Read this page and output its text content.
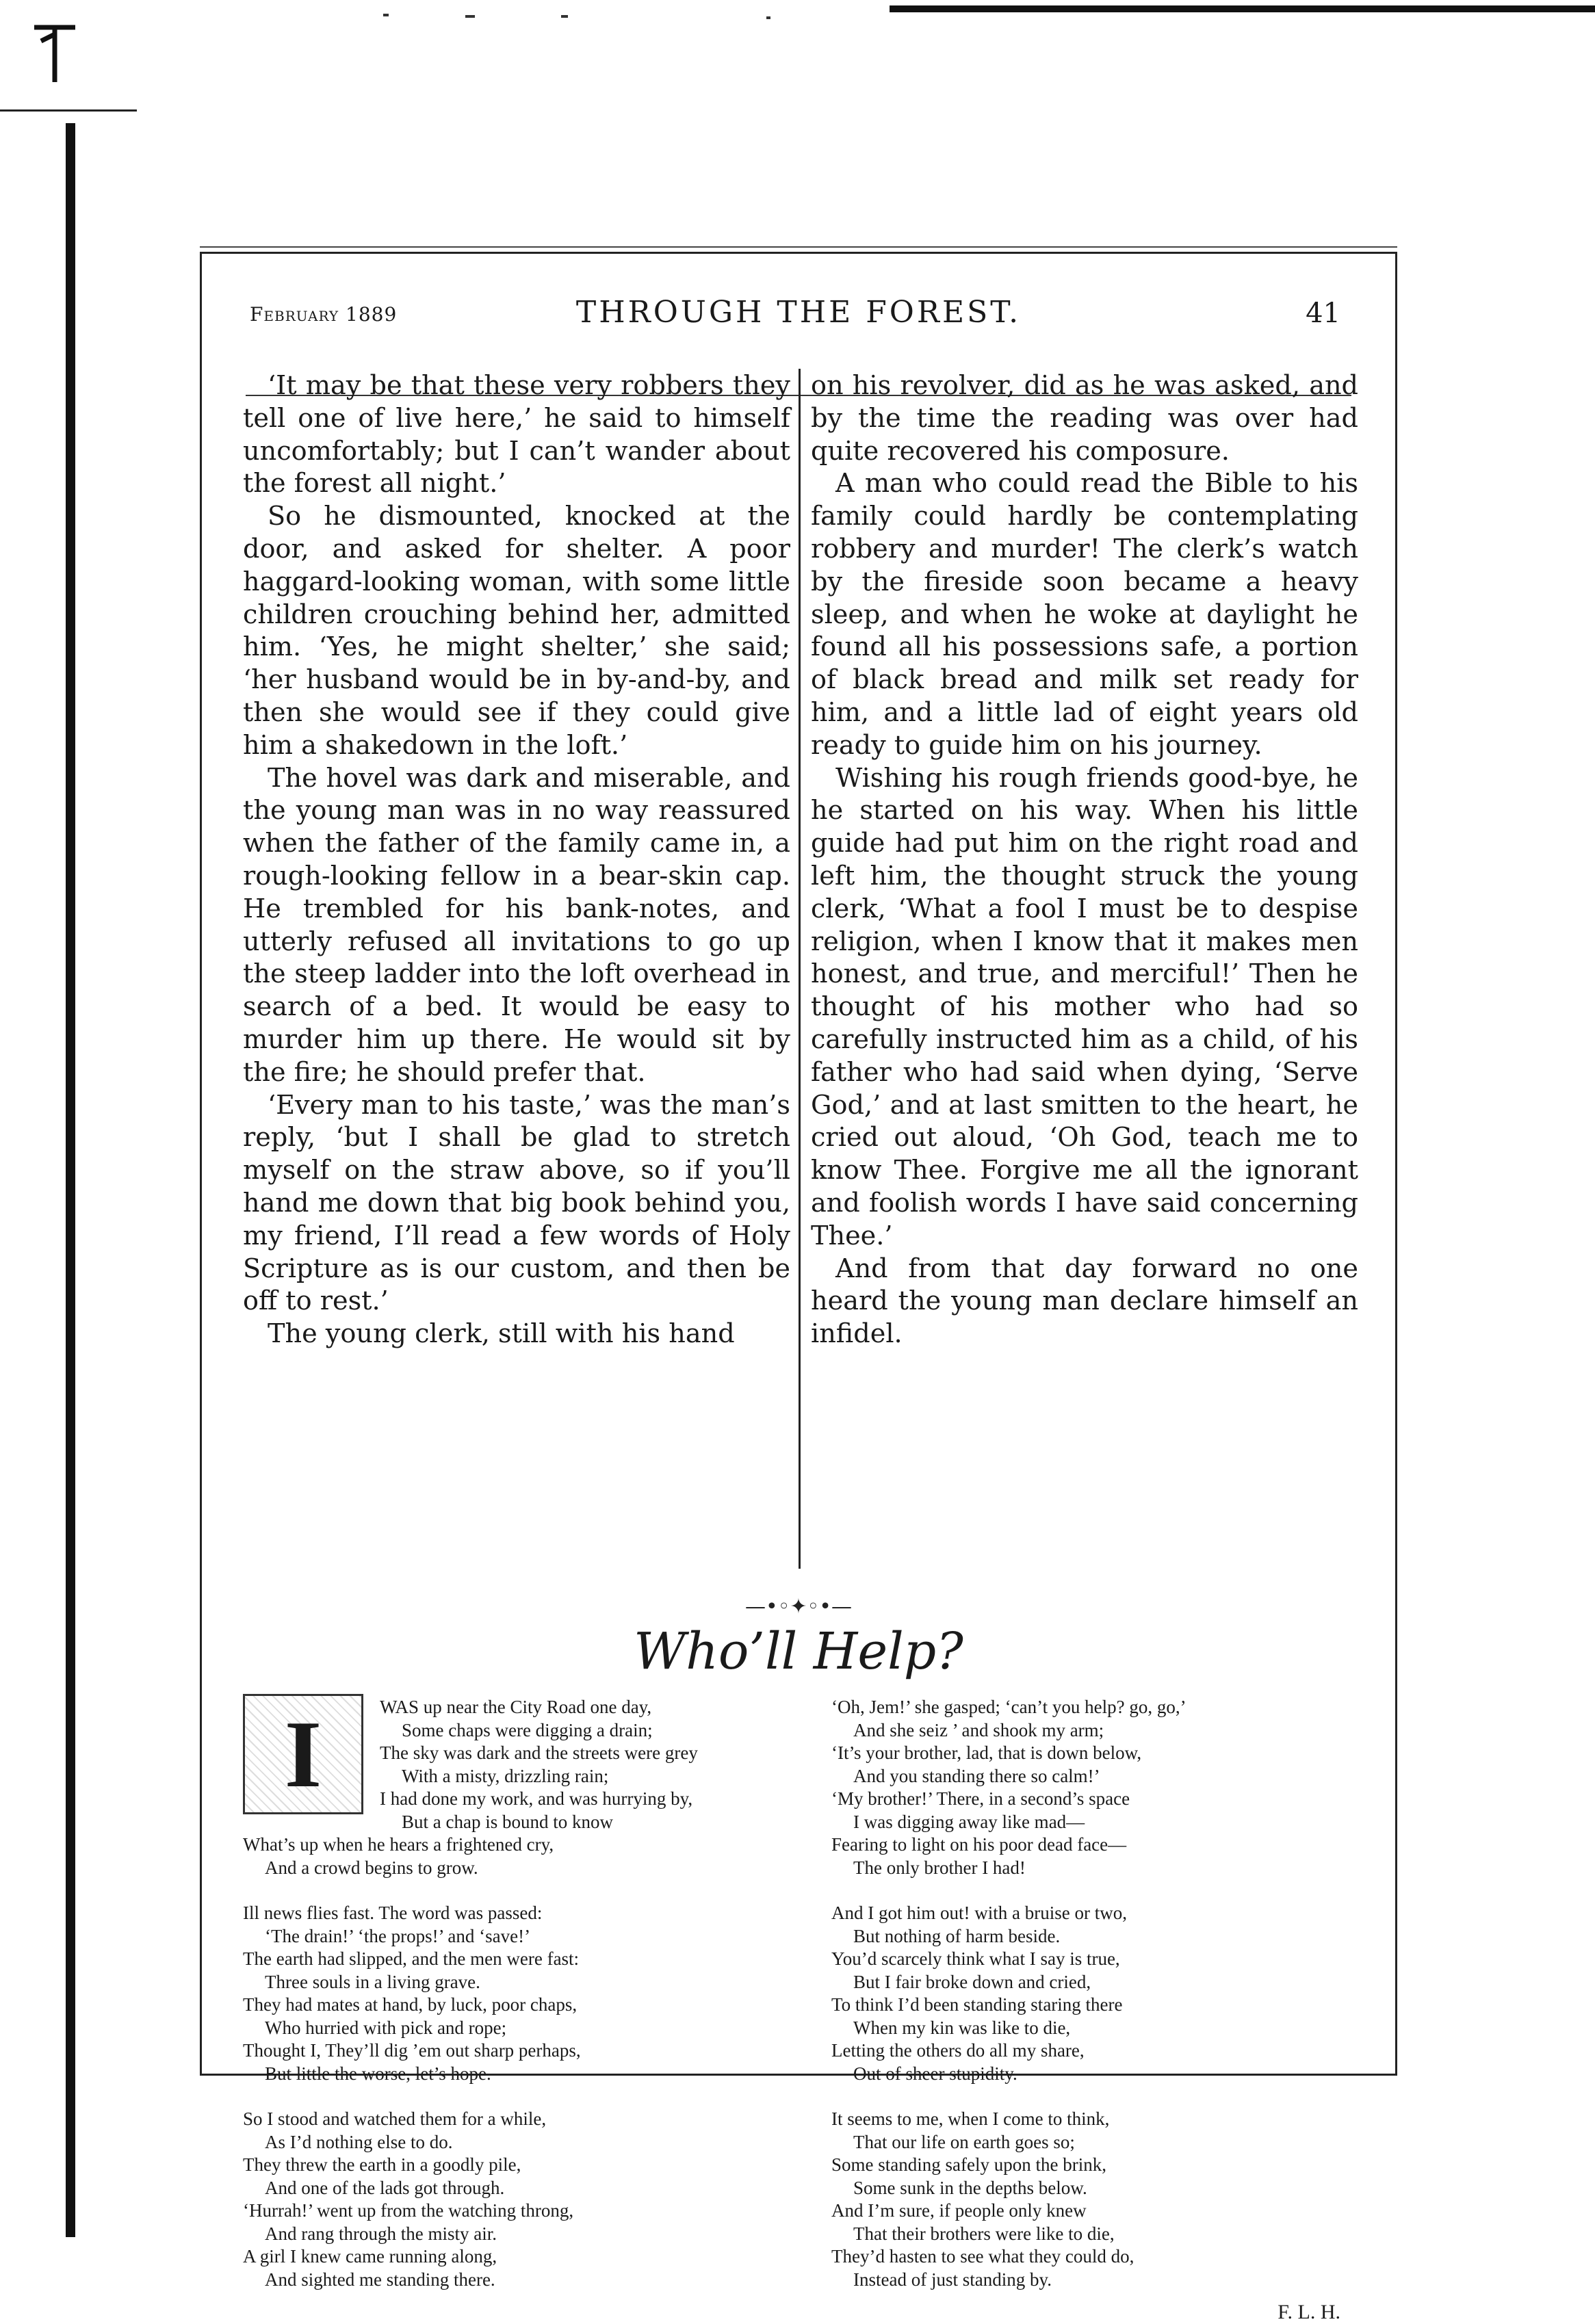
February 1889	THROUGH THE FOREST.	41

‘It may be that these very robbers they tell one of live here,’ he said to himself uncomfortably; but I can’t wander about the forest all night.’

So he dismounted, knocked at the door, and asked for shelter. A poor haggard-looking woman, with some little children crouching behind her, admitted him. ‘Yes, he might shelter,’ she said; ‘her husband would be in by-and-by, and then she would see if they could give him a shakedown in the loft.’

The hovel was dark and miserable, and the young man was in no way reassured when the father of the family came in, a rough-looking fellow in a bear-skin cap. He trembled for his bank-notes, and utterly refused all invitations to go up the steep ladder into the loft overhead in search of a bed. It would be easy to murder him up there. He would sit by the fire; he should prefer that.

‘Every man to his taste,’ was the man’s reply, ‘but I shall be glad to stretch myself on the straw above, so if you’ll hand me down that big book behind you, my friend, I’ll read a few words of Holy Scripture as is our custom, and then be off to rest.’

The young clerk, still with his hand

on his revolver, did as he was asked, and by the time the reading was over had quite recovered his composure.

A man who could read the Bible to his family could hardly be contemplating robbery and murder! The clerk’s watch by the fireside soon became a heavy sleep, and when he woke at daylight he found all his possessions safe, a portion of black bread and milk set ready for him, and a little lad of eight years old ready to guide him on his journey.

Wishing his rough friends good-bye, he he started on his way. When his little guide had put him on the right road and left him, the thought struck the young clerk, ‘What a fool I must be to despise religion, when I know that it makes men honest, and true, and merciful!’ Then he thought of his mother who had so carefully instructed him as a child, of his father who had said when dying, ‘Serve God,’ and at last smitten to the heart, he cried out aloud, ‘Oh God, teach me to know Thee. Forgive me all the ignorant and foolish words I have said concerning Thee.’

And from that day forward no one heard the young man declare himself an infidel.

—•◦✦◦•—
Who’ll Help?
I	WAS up near the City Road one day,
Some chaps were digging a drain;
The sky was dark and the streets were grey
With a misty, drizzling rain;
I had done my work, and was hurrying by,
But a chap is bound to know
What’s up when he hears a frightened cry,
And a crowd begins to grow.
Ill news flies fast. The word was passed:
‘The drain!’ ‘the props!’ and ‘save!’
The earth had slipped, and the men were fast:
Three souls in a living grave.
They had mates at hand, by luck, poor chaps,
Who hurried with pick and rope;
Thought I, They’ll dig ’em out sharp perhaps,
But little the worse, let’s hope.
So I stood and watched them for a while,
As I’d nothing else to do.
They threw the earth in a goodly pile,
And one of the lads got through.
‘Hurrah!’ went up from the watching throng,
And rang through the misty air.
A girl I knew came running along,
And sighted me standing there.
‘Oh, Jem!’ she gasped; ‘can’t you help? go, go,’
And she seiz ’ and shook my arm;
‘It’s your brother, lad, that is down below,
And you standing there so calm!’
‘My brother!’ There, in a second’s space
I was digging away like mad—
Fearing to light on his poor dead face—
The only brother I had!
And I got him out! with a bruise or two,
But nothing of harm beside.
You’d scarcely think what I say is true,
But I fair broke down and cried,
To think I’d been standing staring there
When my kin was like to die,
Letting the others do all my share,
Out of sheer stupidity.
It seems to me, when I come to think,
That our life on earth goes so;
Some standing safely upon the brink,
Some sunk in the depths below.
And I’m sure, if people only knew
That their brothers were like to die,
They’d hasten to see what they could do,
Instead of just standing by.
F. L. H.
